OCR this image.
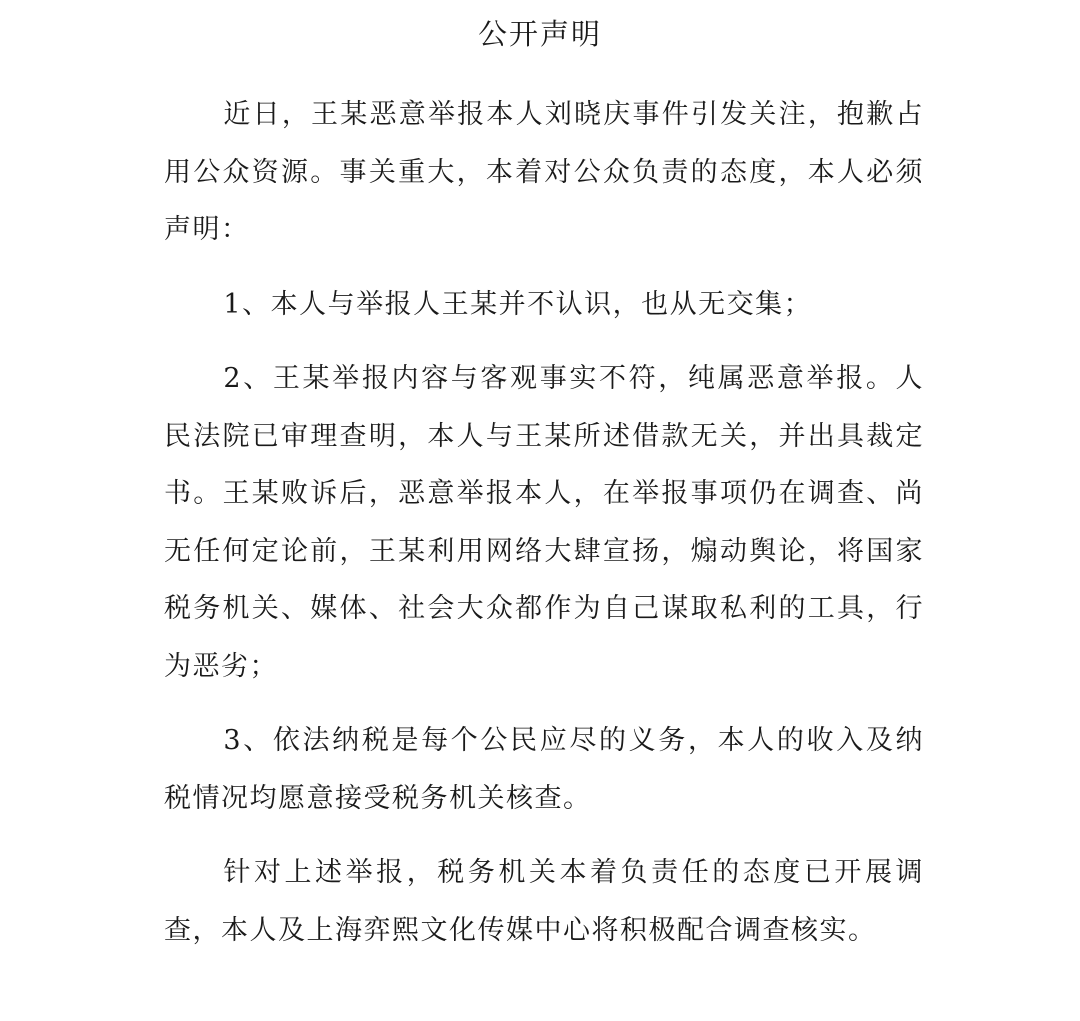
公开声明

近日，王某恶意举报本人刘晓庆事件引发关注，抱歉占用公众资源。事关重大，本着对公众负责的态度，本人必须声明：

1、本人与举报人王某并不认识，也从无交集；

2、王某举报内容与客观事实不符，纯属恶意举报。人民法院已审理查明，本人与王某所述借款无关，并出具裁定书。王某败诉后，恶意举报本人，在举报事项仍在调查、尚无任何定论前，王某利用网络大肆宣扬，煽动舆论，将国家税务机关、媒体、社会大众都作为自己谋取私利的工具，行为恶劣；

3、依法纳税是每个公民应尽的义务，本人的收入及纳税情况均愿意接受税务机关核查。

针对上述举报，税务机关本着负责任的态度已开展调查，本人及上海弈熙文化传媒中心将积极配合调查核实。
